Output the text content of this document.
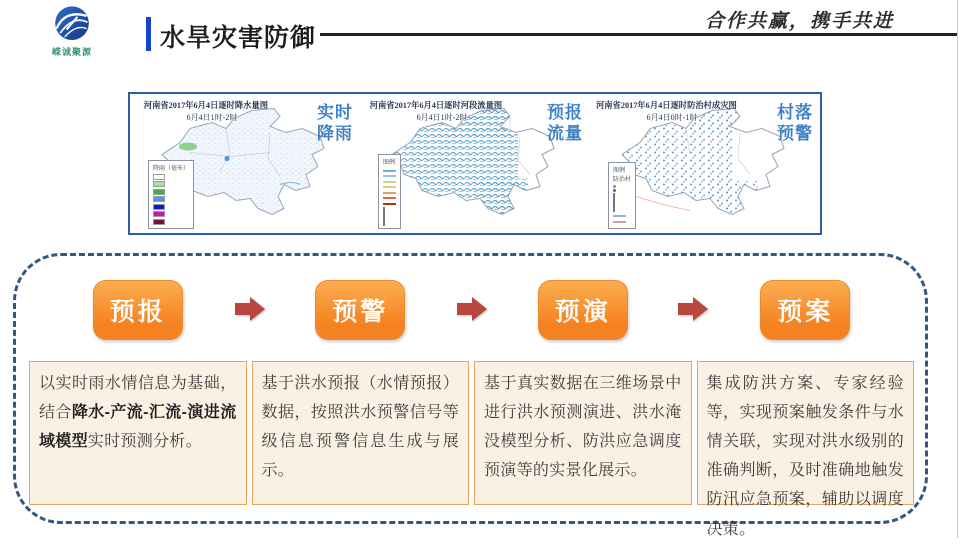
嵘诚聚源	水旱灾害防御
合作共赢，携手共进
河南省2017年6月4日逐时降水量图
6月4日1时-2时	实时
降雨
降雨（毫米）
河南省2017年6月4日逐时河段流量图
6月4日1时-2时	预报
流量
图例
河南省2017年6月4日逐时防治村成灾图
6月4日0时-1时	村落
预警
图例
防治村
预报	预警	预演	预案
以实时雨水情信息为基础，结合降水-产流-汇流-演进流域模型实时预测分析。
基于洪水预报（水情预报）数据，按照洪水预警信号等级信息预警信息生成与展示。
基于真实数据在三维场景中进行洪水预测演进、洪水淹没模型分析、防洪应急调度预演等的实景化展示。
集成防洪方案、专家经验等，实现预案触发条件与水情关联，实现对洪水级别的准确判断，及时准确地触发防汛应急预案，辅助以调度决策。
